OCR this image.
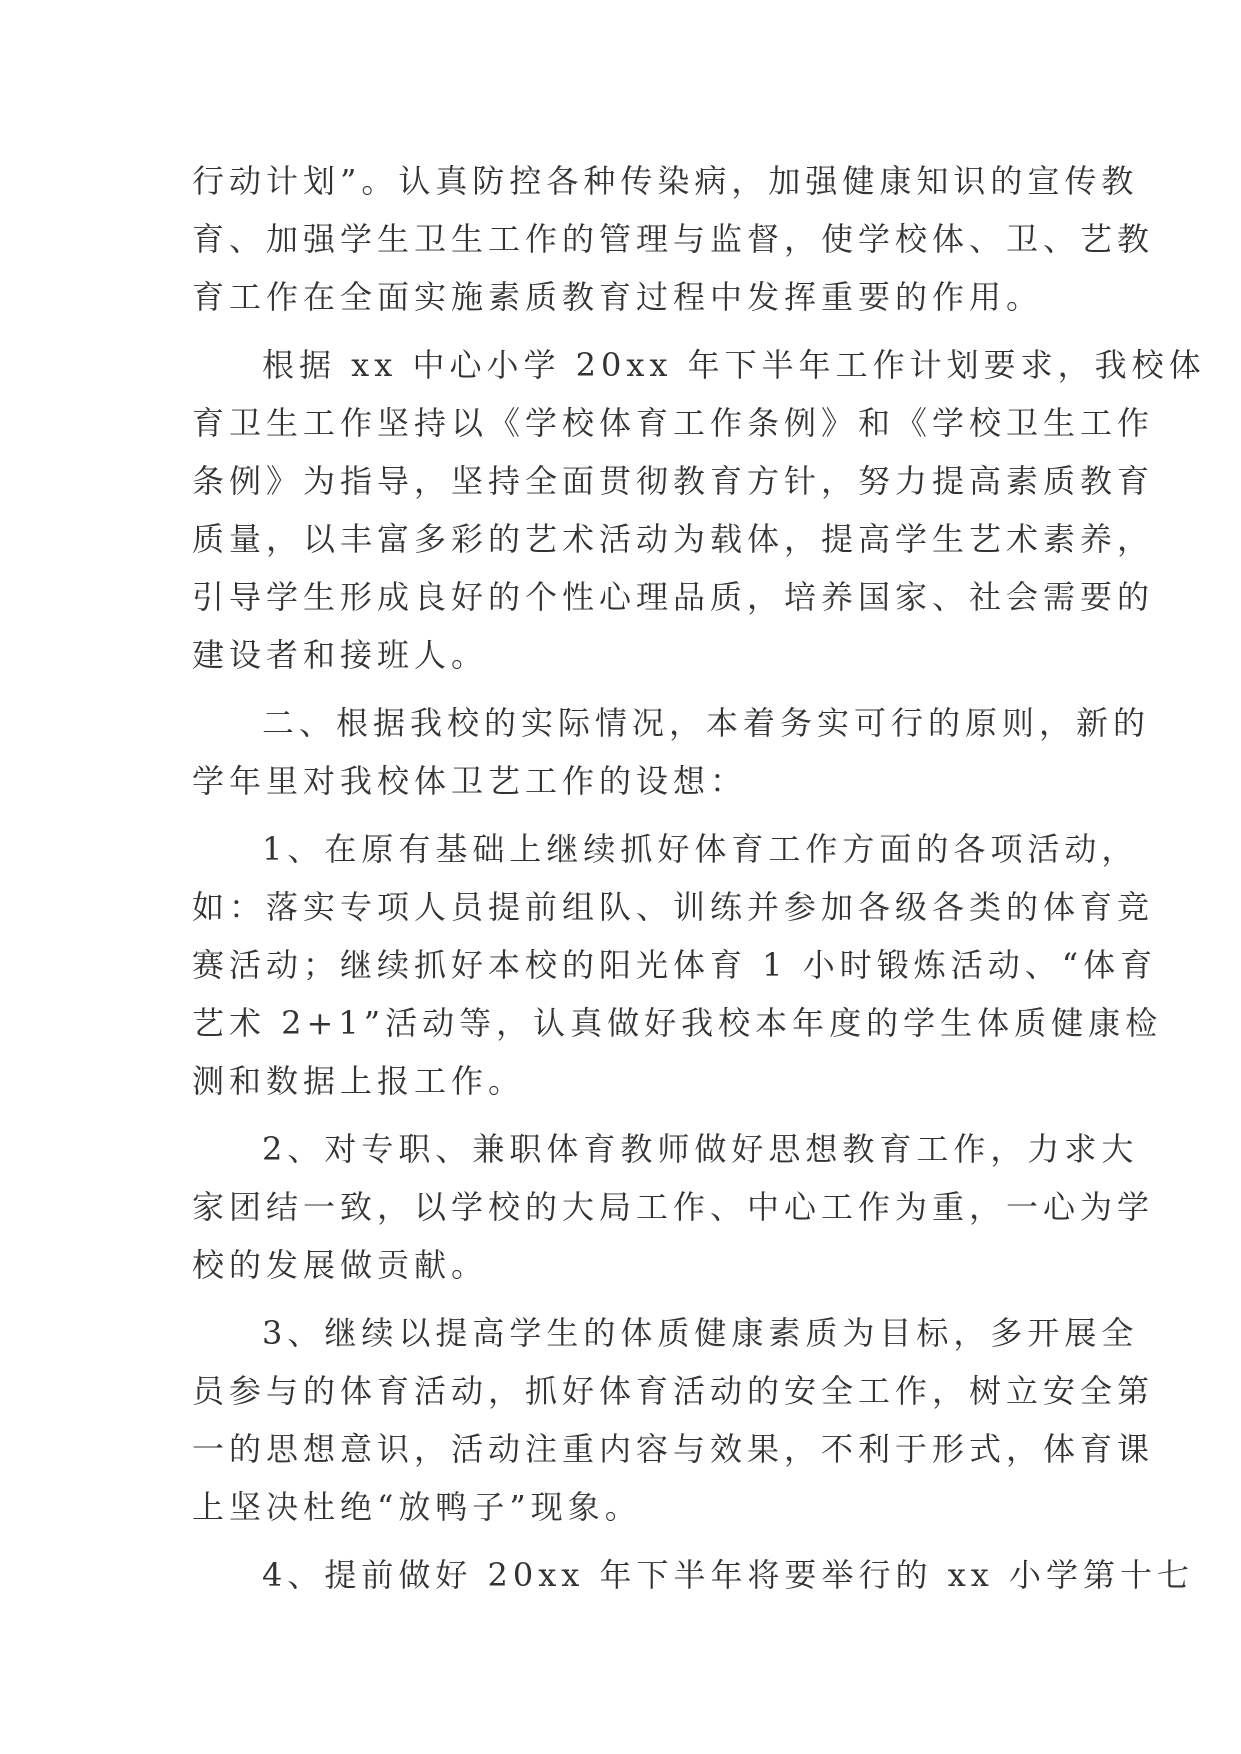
行动计划”。认真防控各种传染病，加强健康知识的宣传教
育、加强学生卫生工作的管理与监督，使学校体、卫、艺教
育工作在全面实施素质教育过程中发挥重要的作用。
根据 xx 中心小学 20xx 年下半年工作计划要求，我校体
育卫生工作坚持以《学校体育工作条例》和《学校卫生工作
条例》为指导，坚持全面贯彻教育方针，努力提高素质教育
质量，以丰富多彩的艺术活动为载体，提高学生艺术素养，
引导学生形成良好的个性心理品质，培养国家、社会需要的
建设者和接班人。
二、根据我校的实际情况，本着务实可行的原则，新的
学年里对我校体卫艺工作的设想：
1、在原有基础上继续抓好体育工作方面的各项活动，
如：落实专项人员提前组队、训练并参加各级各类的体育竞
赛活动；继续抓好本校的阳光体育 1 小时锻炼活动、“体育
艺术 2+1”活动等，认真做好我校本年度的学生体质健康检
测和数据上报工作。
2、对专职、兼职体育教师做好思想教育工作，力求大
家团结一致，以学校的大局工作、中心工作为重，一心为学
校的发展做贡献。
3、继续以提高学生的体质健康素质为目标，多开展全
员参与的体育活动，抓好体育活动的安全工作，树立安全第
一的思想意识，活动注重内容与效果，不利于形式，体育课
上坚决杜绝“放鸭子”现象。
4、提前做好 20xx 年下半年将要举行的 xx 小学第十七
